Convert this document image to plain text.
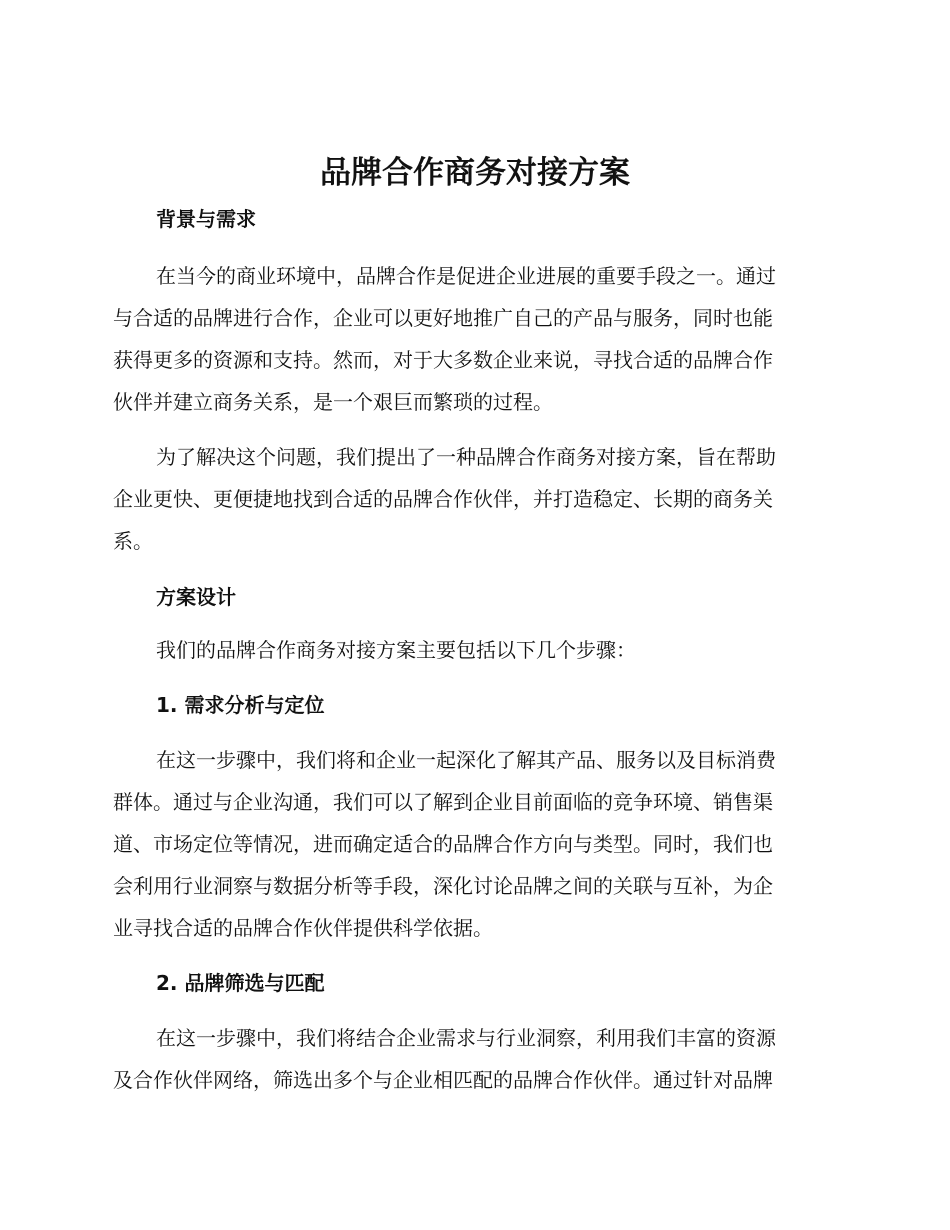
品牌合作商务对接方案
背景与需求
在当今的商业环境中，品牌合作是促进企业进展的重要手段之一。通过
与合适的品牌进行合作，企业可以更好地推广自己的产品与服务，同时也能
获得更多的资源和支持。然而，对于大多数企业来说，寻找合适的品牌合作
伙伴并建立商务关系，是一个艰巨而繁琐的过程。
为了解决这个问题，我们提出了一种品牌合作商务对接方案，旨在帮助
企业更快、更便捷地找到合适的品牌合作伙伴，并打造稳定、长期的商务关
系。
方案设计
我们的品牌合作商务对接方案主要包括以下几个步骤：
1. 需求分析与定位
在这一步骤中，我们将和企业一起深化了解其产品、服务以及目标消费
群体。通过与企业沟通，我们可以了解到企业目前面临的竞争环境、销售渠
道、市场定位等情况，进而确定适合的品牌合作方向与类型。同时，我们也
会利用行业洞察与数据分析等手段，深化讨论品牌之间的关联与互补，为企
业寻找合适的品牌合作伙伴提供科学依据。
2. 品牌筛选与匹配
在这一步骤中，我们将结合企业需求与行业洞察，利用我们丰富的资源
及合作伙伴网络，筛选出多个与企业相匹配的品牌合作伙伴。通过针对品牌
